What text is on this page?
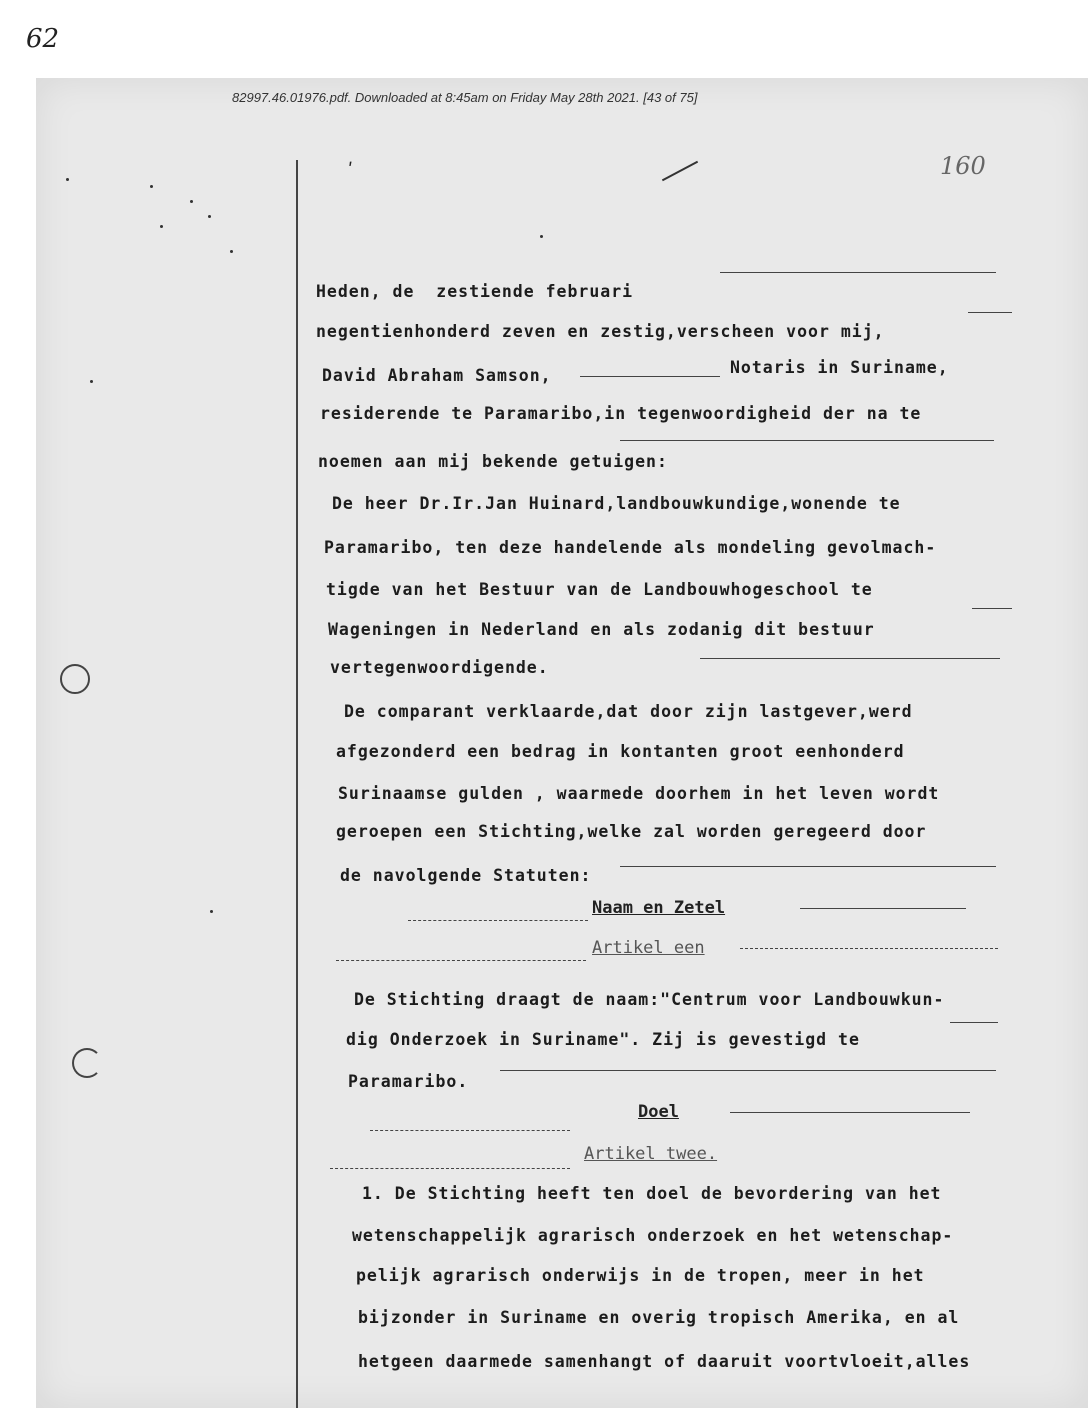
62
82997.46.01976.pdf. Downloaded at 8:45am on Friday May 28th 2021. [43 of 75]
160
ʹ
Heden, de  zestiende februari
negentienhonderd zeven en zestig,verscheen voor mij,
David Abraham Samson,	Notaris in Suriname,
residerende te Paramaribo,in tegenwoordigheid der na te
noemen aan mij bekende getuigen:
De heer Dr.Ir.Jan Huinard,landbouwkundige,wonende te
Paramaribo, ten deze handelende als mondeling gevolmach-
tigde van het Bestuur van de Landbouwhogeschool te
Wageningen in Nederland en als zodanig dit bestuur
vertegenwoordigende.
De comparant verklaarde,dat door zijn lastgever,werd
afgezonderd een bedrag in kontanten groot eenhonderd
Surinaamse gulden , waarmede doorhem in het leven wordt
geroepen een Stichting,welke zal worden geregeerd door
de navolgende Statuten:
Naam en Zetel
Artikel een
De Stichting draagt de naam:"Centrum voor Landbouwkun-
dig Onderzoek in Suriname". Zij is gevestigd te
Paramaribo.
Doel
Artikel twee.
1. De Stichting heeft ten doel de bevordering van het
wetenschappelijk agrarisch onderzoek en het wetenschap-
pelijk agrarisch onderwijs in de tropen, meer in het
bijzonder in Suriname en overig tropisch Amerika, en al
hetgeen daarmede samenhangt of daaruit voortvloeit,alles
